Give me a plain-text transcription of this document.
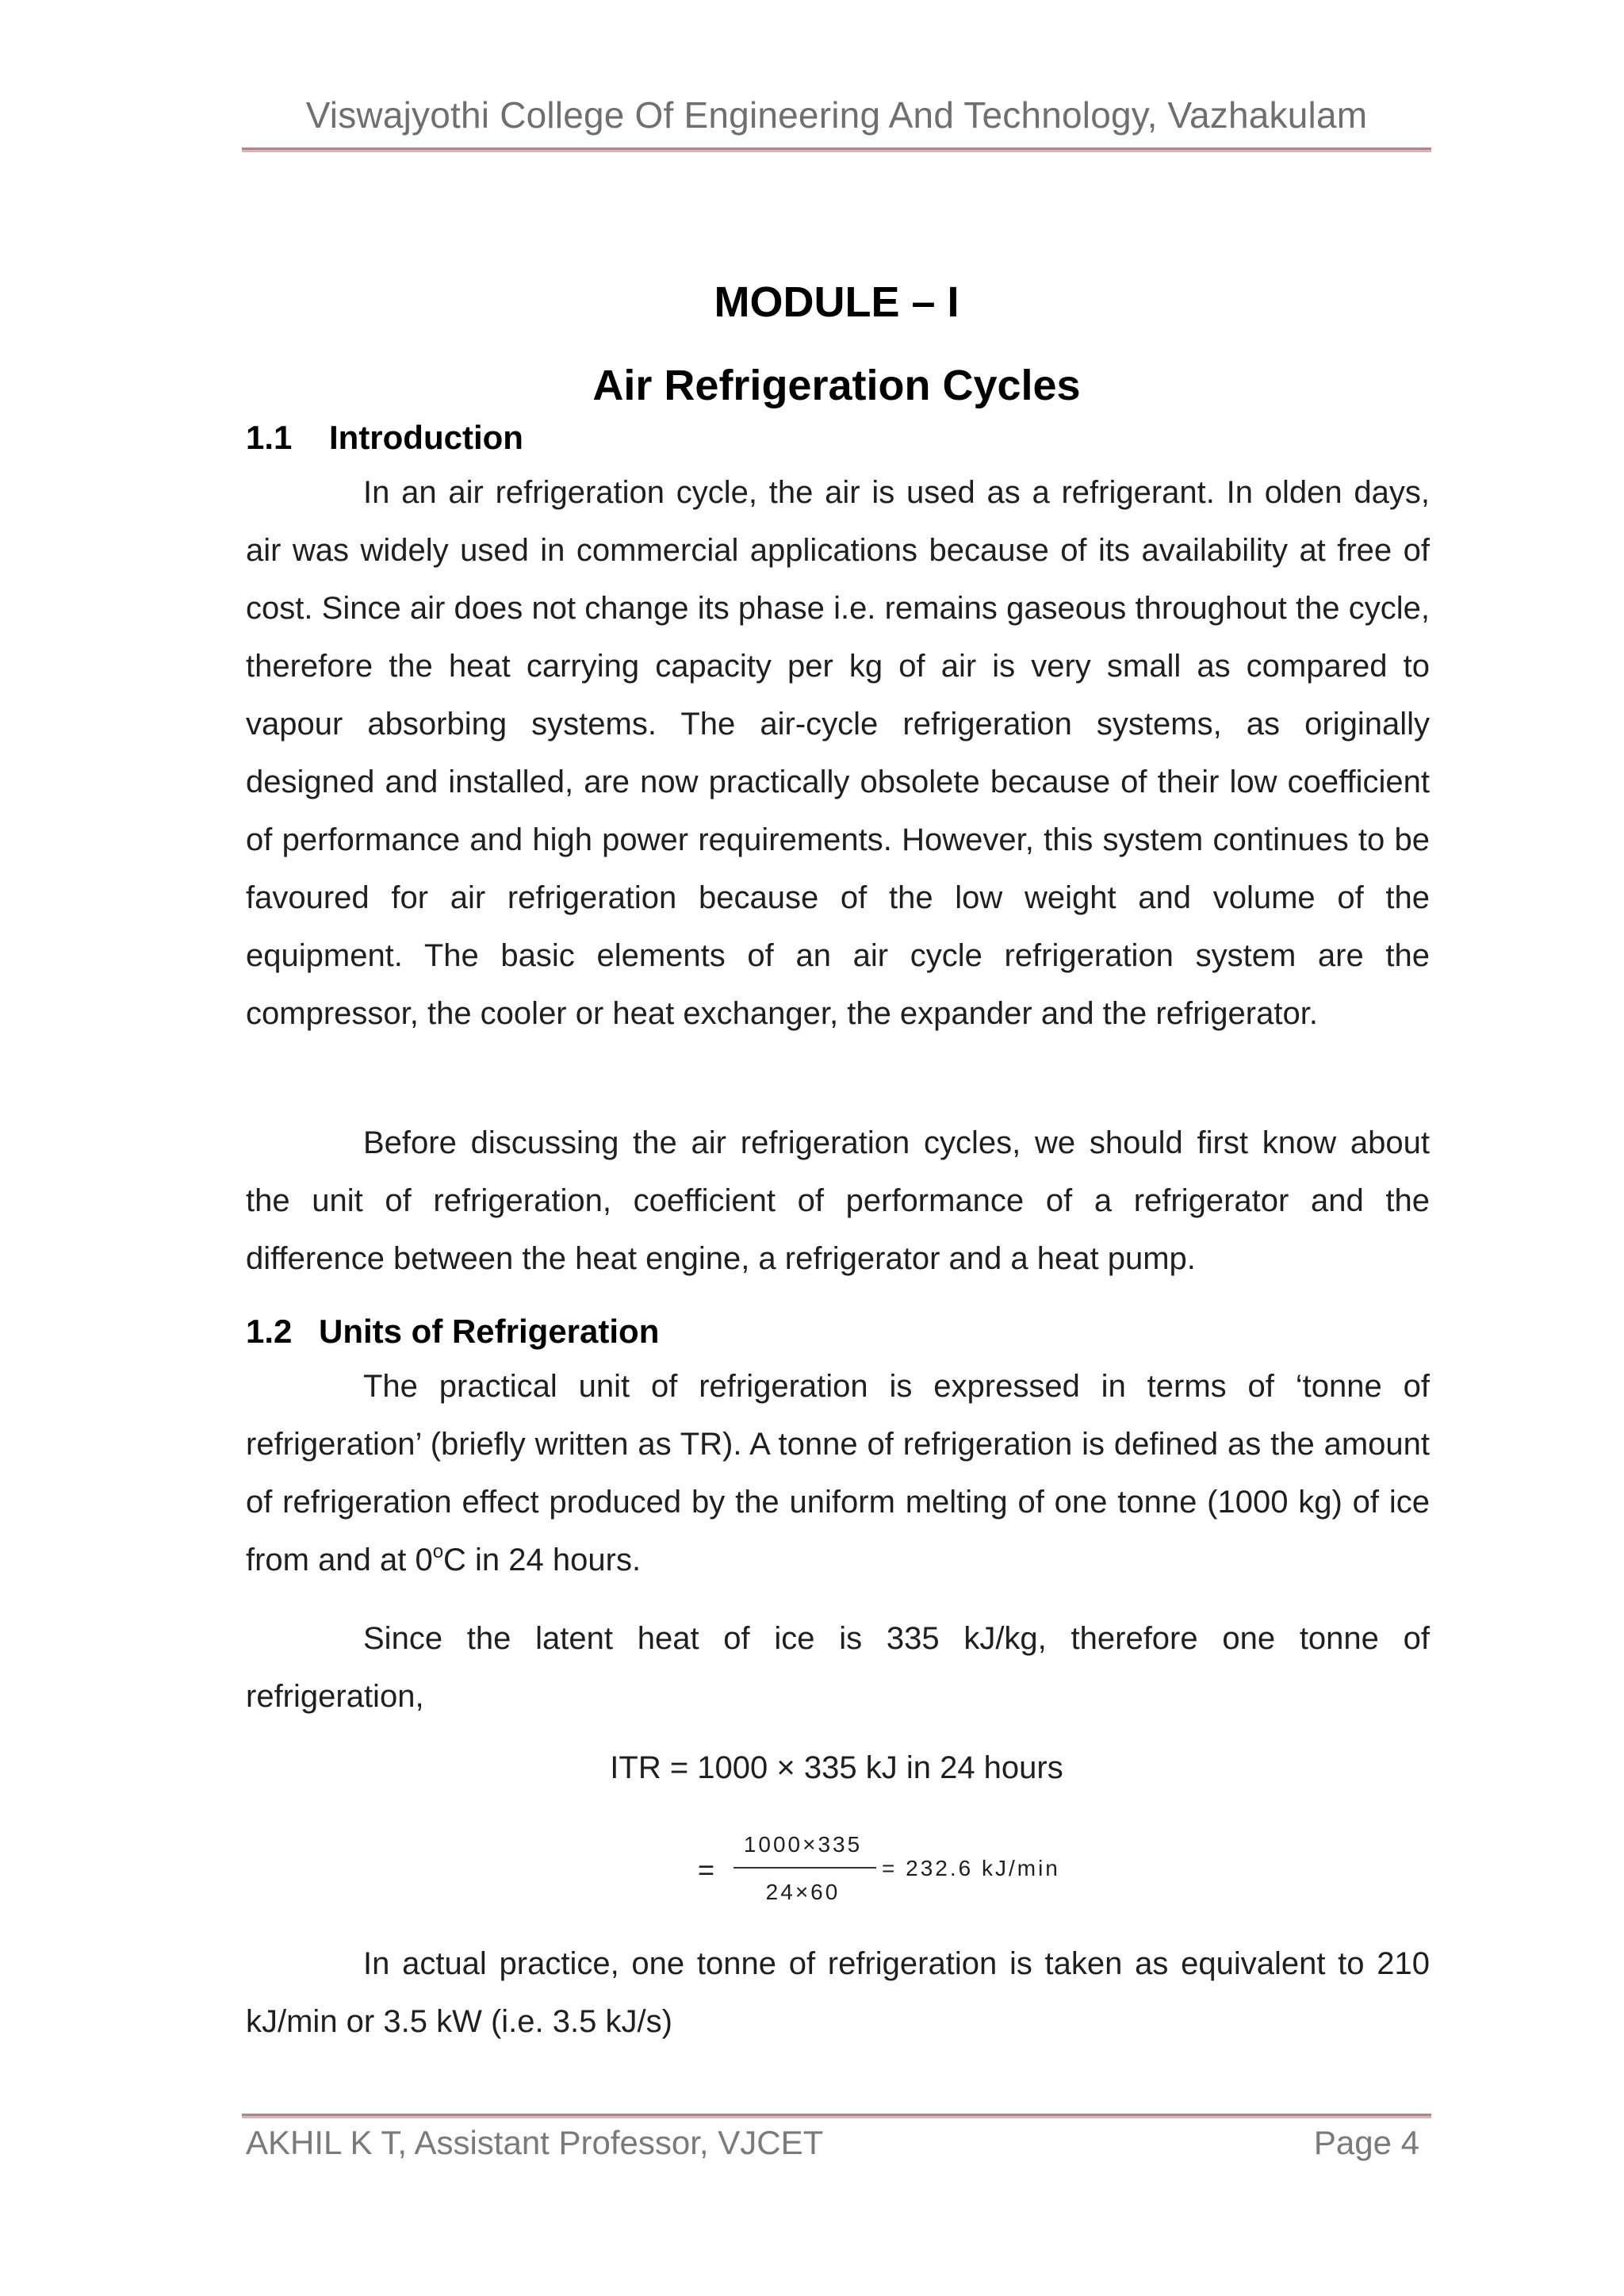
Viswajyothi College Of Engineering And Technology, Vazhakulam
MODULE – I
Air Refrigeration Cycles
1.1 Introduction
In an air refrigeration cycle, the air is used as a refrigerant. In olden days, air was widely used in commercial applications because of its availability at free of cost. Since air does not change its phase i.e. remains gaseous throughout the cycle, therefore the heat carrying capacity per kg of air is very small as compared to vapour absorbing systems. The air-cycle refrigeration systems, as originally designed and installed, are now practically obsolete because of their low coefficient of performance and high power requirements. However, this system continues to be favoured for air refrigeration because of the low weight and volume of the equipment. The basic elements of an air cycle refrigeration system are the compressor, the cooler or heat exchanger, the expander and the refrigerator.
Before discussing the air refrigeration cycles, we should first know about the unit of refrigeration, coefficient of performance of a refrigerator and the difference between the heat engine, a refrigerator and a heat pump.
1.2 Units of Refrigeration
The practical unit of refrigeration is expressed in terms of ‘tonne of refrigeration’ (briefly written as TR). A tonne of refrigeration is defined as the amount of refrigeration effect produced by the uniform melting of one tonne (1000 kg) of ice from and at 0$^o$C in 24 hours.
Since the latent heat of ice is 335 kJ/kg, therefore one tonne of refrigeration,
ITR = 1000 × 335 kJ in 24 hours
=
1000×335
24×60
= 232.6 kJ/min
In actual practice, one tonne of refrigeration is taken as equivalent to 210 kJ/min or 3.5 kW (i.e. 3.5 kJ/s)
AKHIL K T, Assistant Professor, VJCET	Page 4
